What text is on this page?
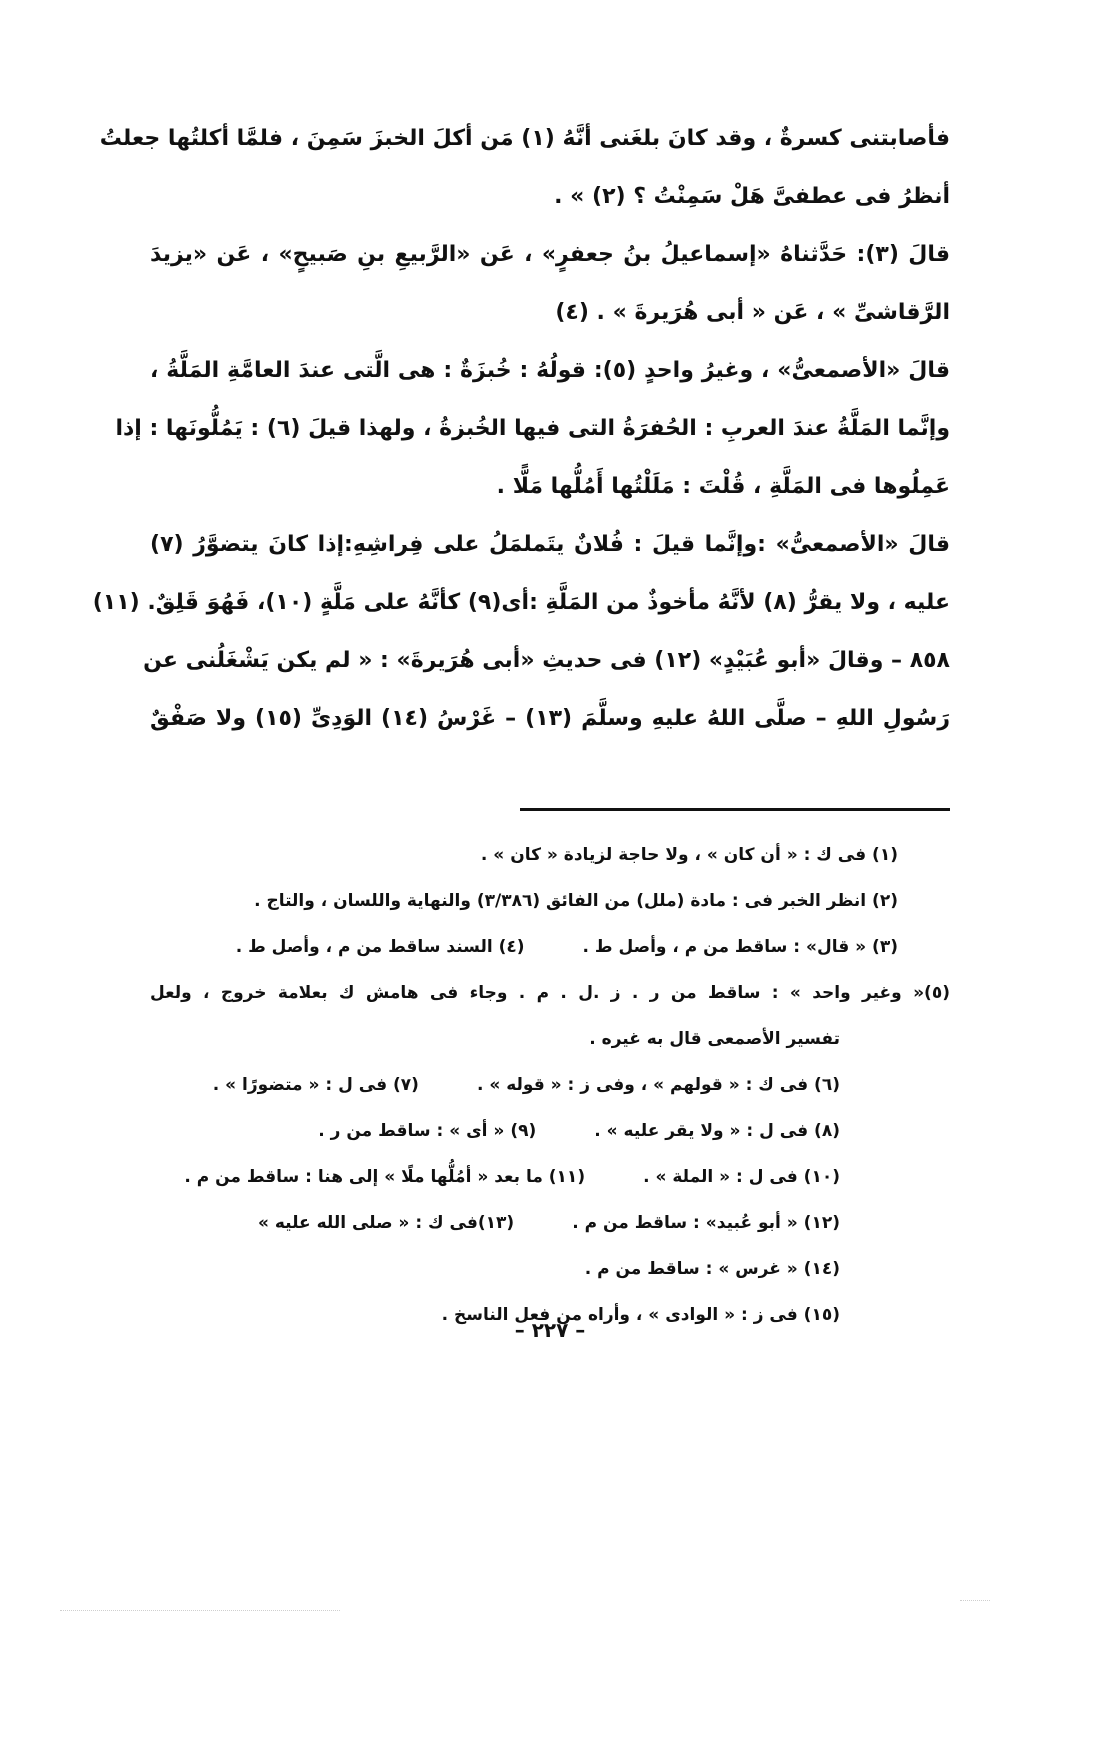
فأصابتنى كسرةٌ ، وقد كانَ بلغَنى أنَّهُ (١) مَن أكلَ الخبزَ سَمِنَ ، فلمَّا أكلتُها جعلتُ
أنظرُ فى عطفىَّ هَلْ سَمِنْتُ ؟ (٢) » .
قالَ (٣): حَدَّثناهُ «إسماعيلُ بنُ جعفرٍ» ، عَن «الرَّبيعِ بنِ صَبيحٍ» ، عَن «يزيدَ
الرَّقاشىِّ » ، عَن « أبى هُرَيرةَ » . (٤)
قالَ «الأصمعىُّ» ، وغيرُ واحدٍ (٥): قولُهُ : خُبزَةٌ : هى الَّتى عندَ العامَّةِ المَلَّةُ ،
وإنَّما المَلَّةُ عندَ العربِ : الحُفرَةُ التى فيها الخُبزةُ ، ولهذا قيلَ (٦) : يَمُلُّونَها : إذا
عَمِلُوها فى المَلَّةِ ، قُلْتَ : مَلَلْتُها أَمُلُّها مَلًّا .
قالَ «الأصمعىُّ» :وإنَّما قيلَ : فُلانٌ يتَملمَلُ على فِراشِهِ:إذا كانَ يتضوَّرُ (٧)
عليه ، ولا يقرُّ (٨) لأنَّهُ مأخوذٌ من المَلَّةِ :أى(٩) كأنَّهُ على مَلَّةٍ (١٠)، فَهُوَ قَلِقٌ. (١١)
٨٥٨ – وقالَ «أبو عُبَيْدٍ» (١٢) فى حديثِ «أبى هُرَيرةَ» : « لم يكن يَشْغَلُنى عن
رَسُولِ اللهِ – صلَّى اللهُ عليهِ وسلَّمَ (١٣) – غَرْسُ (١٤) الوَدِىِّ (١٥) ولا صَفْقٌ
(١) فى ك : « أن كان » ، ولا حاجة لزيادة « كان » .
(٢) انظر الخبر فى : مادة (ملل) من الفائق (٣/٣٨٦) والنهاية واللسان ، والتاج .
(٣) « قال» : ساقط من م ، وأصل ط .
(٤) السند ساقط من م ، وأصل ط .
(٥)« وغير واحد » : ساقط من ر . ز .ل . م . وجاء فى هامش ك بعلامة خروج ، ولعل
تفسير الأصمعى قال به غيره .
(٦) فى ك : « قولهم » ، وفى ز : « قوله » .
(٧) فى ل : « متضورًا » .
(٨) فى ل : « ولا يقر عليه » .
(٩) « أى » : ساقط من ر .
(١٠) فى ل : « الملة » .
(١١) ما بعد « أمُلُّها ملًا » إلى هنا : ساقط من م .
(١٢) « أبو عُبيد» : ساقط من م .
(١٣)فى ك : « صلى الله عليه »
(١٤) « غرس » : ساقط من م .
(١٥) فى ز : « الوادى » ، وأراه من فعل الناسخ .
– ٢٢٧ –
